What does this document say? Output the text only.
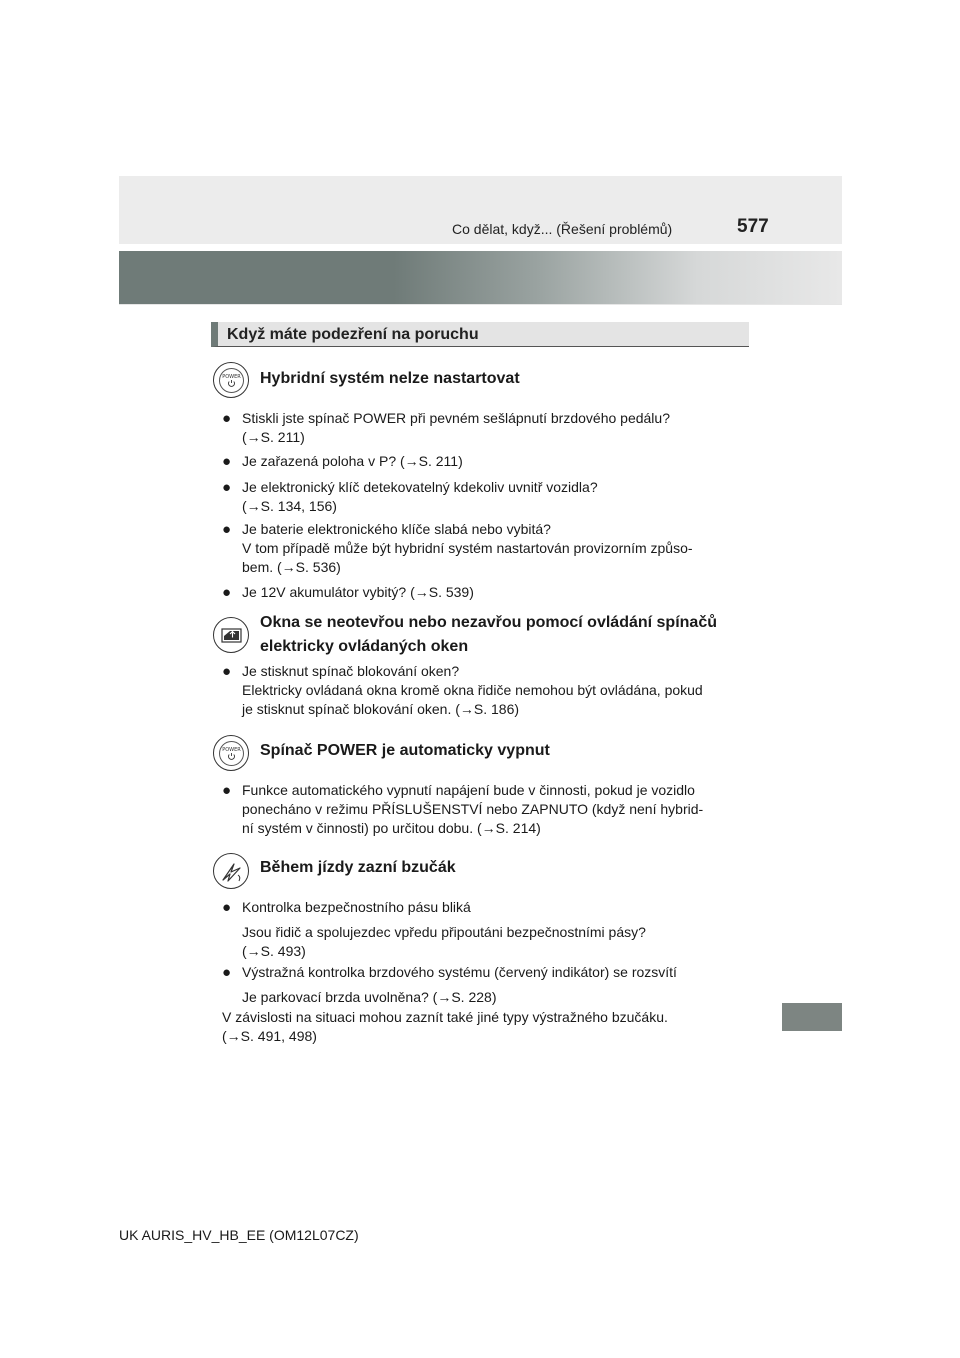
Co dělat, když... (Řešení problémů)	577
Když máte podezření na poruchu
POWER Hybridní systém nelze nastartovat
● Stiskli jste spínač POWER při pevném sešlápnutí brzdového pedálu?
(→S. 211)
● Je zařazená poloha v P? (→S. 211)
● Je elektronický klíč detekovatelný kdekoliv uvnitř vozidla?
(→S. 134, 156)
● Je baterie elektronického klíče slabá nebo vybitá?
V tom případě může být hybridní systém nastartován provizorním způso-
bem. (→S. 536)
● Je 12V akumulátor vybitý? (→S. 539)
Okna se neotevřou nebo nezavřou pomocí ovládání spínačů
elektricky ovládaných oken
● Je stisknut spínač blokování oken?
Elektricky ovládaná okna kromě okna řidiče nemohou být ovládána, pokud
je stisknut spínač blokování oken. (→S. 186)
POWER Spínač POWER je automaticky vypnut
● Funkce automatického vypnutí napájení bude v činnosti, pokud je vozidlo
ponecháno v režimu PŘÍSLUŠENSTVÍ nebo ZAPNUTO (když není hybrid-
ní systém v činnosti) po určitou dobu. (→S. 214)
Během jízdy zazní bzučák
● Kontrolka bezpečnostního pásu bliká
Jsou řidič a spolujezdec vpředu připoutáni bezpečnostními pásy?
(→S. 493)
● Výstražná kontrolka brzdového systému (červený indikátor) se rozsvítí
Je parkovací brzda uvolněna? (→S. 228)
V závislosti na situaci mohou zaznít také jiné typy výstražného bzučáku.
(→S. 491, 498)
UK AURIS_HV_HB_EE (OM12L07CZ)
